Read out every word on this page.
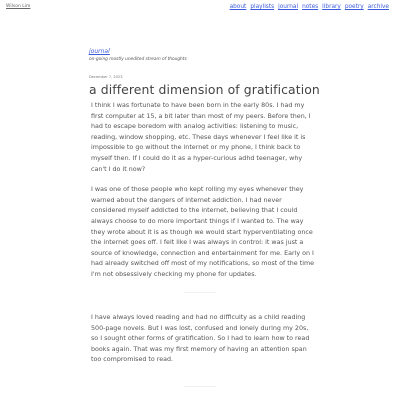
Wilson Lim	about playlists journal notes library poetry archive
journal
on-going mostly unedited stream of thoughts
December 7, 2023
a different dimension of gratification

I think I was fortunate to have been born in the early 80s. I had my first computer at 15, a bit later than most of my peers. Before then, I had to escape boredom with analog activities: listening to music, reading, window shopping, etc. These days whenever I feel like it is impossible to go without the internet or my phone, I think back to myself then. If I could do it as a hyper-curious adhd teenager, why can't I do it now?

I was one of those people who kept rolling my eyes whenever they warned about the dangers of internet addiction. I had never considered myself addicted to the internet, believing that I could always choose to do more important things if I wanted to. The way they wrote about it is as though we would start hyperventilating once the internet goes off. I felt like I was always in control: it was just a source of knowledge, connection and entertainment for me. Early on I had already switched off most of my notifications, so most of the time I'm not obsessively checking my phone for updates.

I have always loved reading and had no difficulty as a child reading 500-page novels. But I was lost, confused and lonely during my 20s, so I sought other forms of gratification. So I had to learn how to read books again. That was my first memory of having an attention span too compromised to read.
